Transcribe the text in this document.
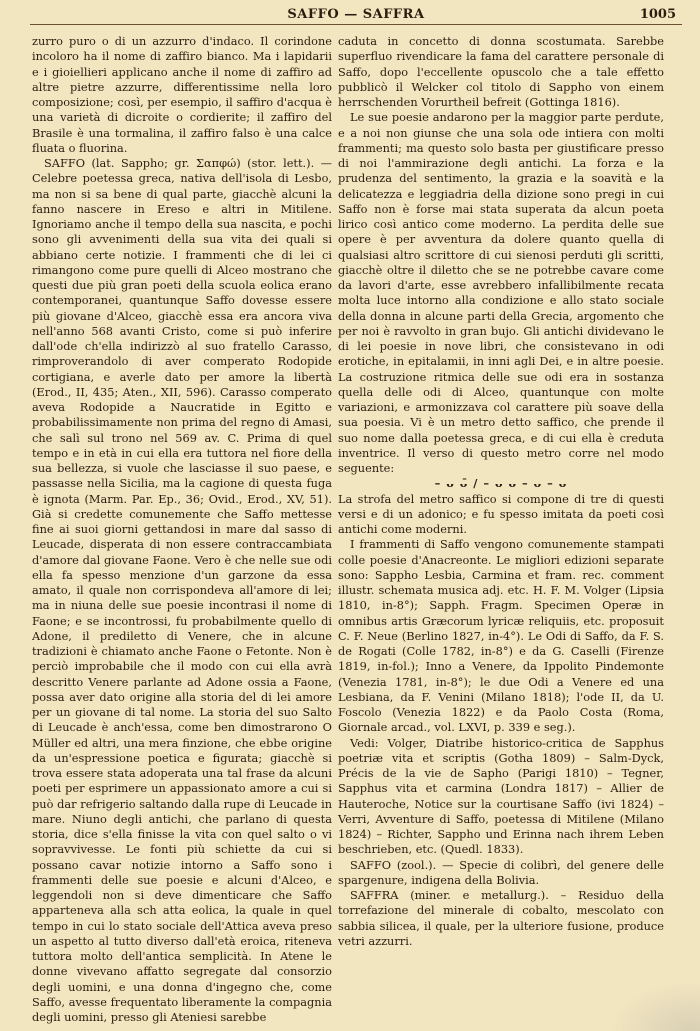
SAFFO — SAFFRA	1005

zurro puro o di un azzurro d'indaco. Il corindone incoloro ha il nome di zaffiro bianco. Ma i lapidarii e i gioiellieri applicano anche il nome di zaffiro ad altre pietre azzurre, differentissime nella loro composizione; così, per esempio, il saffiro d'acqua è una varietà di dicroite o cordierite; il zaffiro del Brasile è una tormalina, il zaffiro falso è una calce fluata o fluorina.

SAFFO (lat. Sappho; gr. Σαπφώ) (stor. lett.). — Celebre poetessa greca, nativa dell'isola di Lesbo, ma non si sa bene di qual parte, giacchè alcuni la fanno nascere in Ereso e altri in Mitilene. Ignoriamo anche il tempo della sua nascita, e pochi sono gli avvenimenti della sua vita dei quali si abbiano certe notizie. I frammenti che di lei ci rimangono come pure quelli di Alceo mostrano che questi due più gran poeti della scuola eolica erano contemporanei, quantunque Saffo dovesse essere più giovane d'Alceo, giacchè essa era ancora viva nell'anno 568 avanti Cristo, come si può inferire dall'ode ch'ella indirizzò al suo fratello Carasso, rimproverandolo di aver comperato Rodopide cortigiana, e averle dato per amore la libertà (Erod., II, 435; Aten., XII, 596). Carasso comperato aveva Rodopide a Naucratide in Egitto e probabilissimamente non prima del regno di Amasi, che salì sul trono nel 569 av. C. Prima di quel tempo e in età in cui ella era tuttora nel fiore della sua bellezza, si vuole che lasciasse il suo paese, e passasse nella Sicilia, ma la cagione di questa fuga è ignota (Marm. Par. Ep., 36; Ovid., Erod., XV, 51). Già si credette comunemente che Saffo mettesse fine ai suoi giorni gettandosi in mare dal sasso di Leucade, disperata di non essere contraccambiata d'amore dal giovane Faone. Vero è che nelle sue odi ella fa spesso menzione d'un garzone da essa amato, il quale non corrispondeva all'amore di lei; ma in niuna delle sue poesie incontrasi il nome di Faone; e se incontrossi, fu probabilmente quello di Adone, il prediletto di Venere, che in alcune tradizioni è chiamato anche Faone o Fetonte. Non è perciò improbabile che il modo con cui ella avrà descritto Venere parlante ad Adone ossia a Faone, possa aver dato origine alla storia del di lei amore per un giovane di tal nome. La storia del suo Salto di Leucade è anch'essa, come ben dimostrarono O Müller ed altri, una mera finzione, che ebbe origine da un'espressione poetica e figurata; giacchè si trova essere stata adoperata una tal frase da alcuni poeti per esprimere un appassionato amore a cui si può dar refrigerio saltando dalla rupe di Leucade in mare. Niuno degli antichi, che parlano di questa storia, dice s'ella finisse la vita con quel salto o vi sopravvivesse. Le fonti più schiette da cui si possano cavar notizie intorno a Saffo sono i frammenti delle sue poesie e alcuni d'Alceo, e leggendoli non si deve dimenticare che Saffo apparteneva alla sch atta eolica, la quale in quel tempo in cui lo stato sociale dell'Attica aveva preso un aspetto al tutto diverso dall'età eroica, riteneva tuttora molto dell'antica semplicità. In Atene le donne vivevano affatto segregate dal consorzio degli uomini, e una donna d'ingegno che, come Saffo, avesse frequentato liberamente la compagnia degli uomini, presso gli Ateniesi sarebbe

caduta in concetto di donna scostumata. Sarebbe superfluo rivendicare la fama del carattere personale di Saffo, dopo l'eccellente opuscolo che a tale effetto pubblicò il Welcker col titolo di Sappho von einem herrschenden Vorurtheil befreit (Gottinga 1816).

Le sue poesie andarono per la maggior parte perdute, e a noi non giunse che una sola ode intiera con molti frammenti; ma questo solo basta per giustificare presso di noi l'ammirazione degli antichi. La forza e la prudenza del sentimento, la grazia e la soavità e la delicatezza e leggiadria della dizione sono pregi in cui Saffo non è forse mai stata superata da alcun poeta lirico così antico come moderno. La perdita delle sue opere è per avventura da dolere quanto quella di qualsiasi altro scrittore di cui sienosi perduti gli scritti, giacchè oltre il diletto che se ne potrebbe cavare come da lavori d'arte, esse avrebbero infallibilmente recata molta luce intorno alla condizione e allo stato sociale della donna in alcune parti della Grecia, argomento che per noi è ravvolto in gran bujo. Gli antichi dividevano le di lei poesie in nove libri, che consistevano in odi erotiche, in epitalamii, in inni agli Dei, e in altre poesie. La costruzione ritmica delle sue odi era in sostanza quella delle odi di Alceo, quantunque con molte variazioni, e armonizzava col carattere più soave della sua poesia. Vi è un metro detto saffico, che prende il suo nome dalla poetessa greca, e di cui ella è creduta inventrice. Il verso di questo metro corre nel modo seguente:

– ᴗ ᴗ̄ / – ᴗ ᴗ – ᴗ – ᴗ

La strofa del metro saffico si compone di tre di questi versi e di un adonico; e fu spesso imitata da poeti così antichi come moderni.

I frammenti di Saffo vengono comunemente stampati colle poesie d'Anacreonte. Le migliori edizioni separate sono: Sappho Lesbia, Carmina et fram. rec. comment illustr. schemata musica adj. etc. H. F. M. Volger (Lipsia 1810, in-8°); Sapph. Fragm. Specimen Operæ in omnibus artis Græcorum lyricæ reliquiis, etc. proposuit C. F. Neue (Berlino 1827, in-4°). Le Odi di Saffo, da F. S. de Rogati (Colle 1782, in-8°) e da G. Caselli (Firenze 1819, in-fol.); Inno a Venere, da Ippolito Pindemonte (Venezia 1781, in-8°); le due Odi a Venere ed una Lesbiana, da F. Venini (Milano 1818); l'ode II, da U. Foscolo (Venezia 1822) e da Paolo Costa (Roma, Giornale arcad., vol. LXVI, p. 339 e seg.).

Vedi: Volger, Diatribe historico-critica de Sapphus poetriæ vita et scriptis (Gotha 1809) – Salm-Dyck, Précis de la vie de Sapho (Parigi 1810) – Tegner, Sapphus vita et carmina (Londra 1817) – Allier de Hauteroche, Notice sur la courtisane Saffo (ivi 1824) – Verri, Avventure di Saffo, poetessa di Mitilene (Milano 1824) – Richter, Sappho und Erinna nach ihrem Leben beschrieben, etc. (Quedl. 1833).

SAFFO (zool.). — Specie di colibrì, del genere delle spargenure, indigena della Bolivia.

SAFFRA (miner. e metallurg.). – Residuo della torrefazione del minerale di cobalto, mescolato con sabbia silicea, il quale, per la ulteriore fusione, produce vetri azzurri.
